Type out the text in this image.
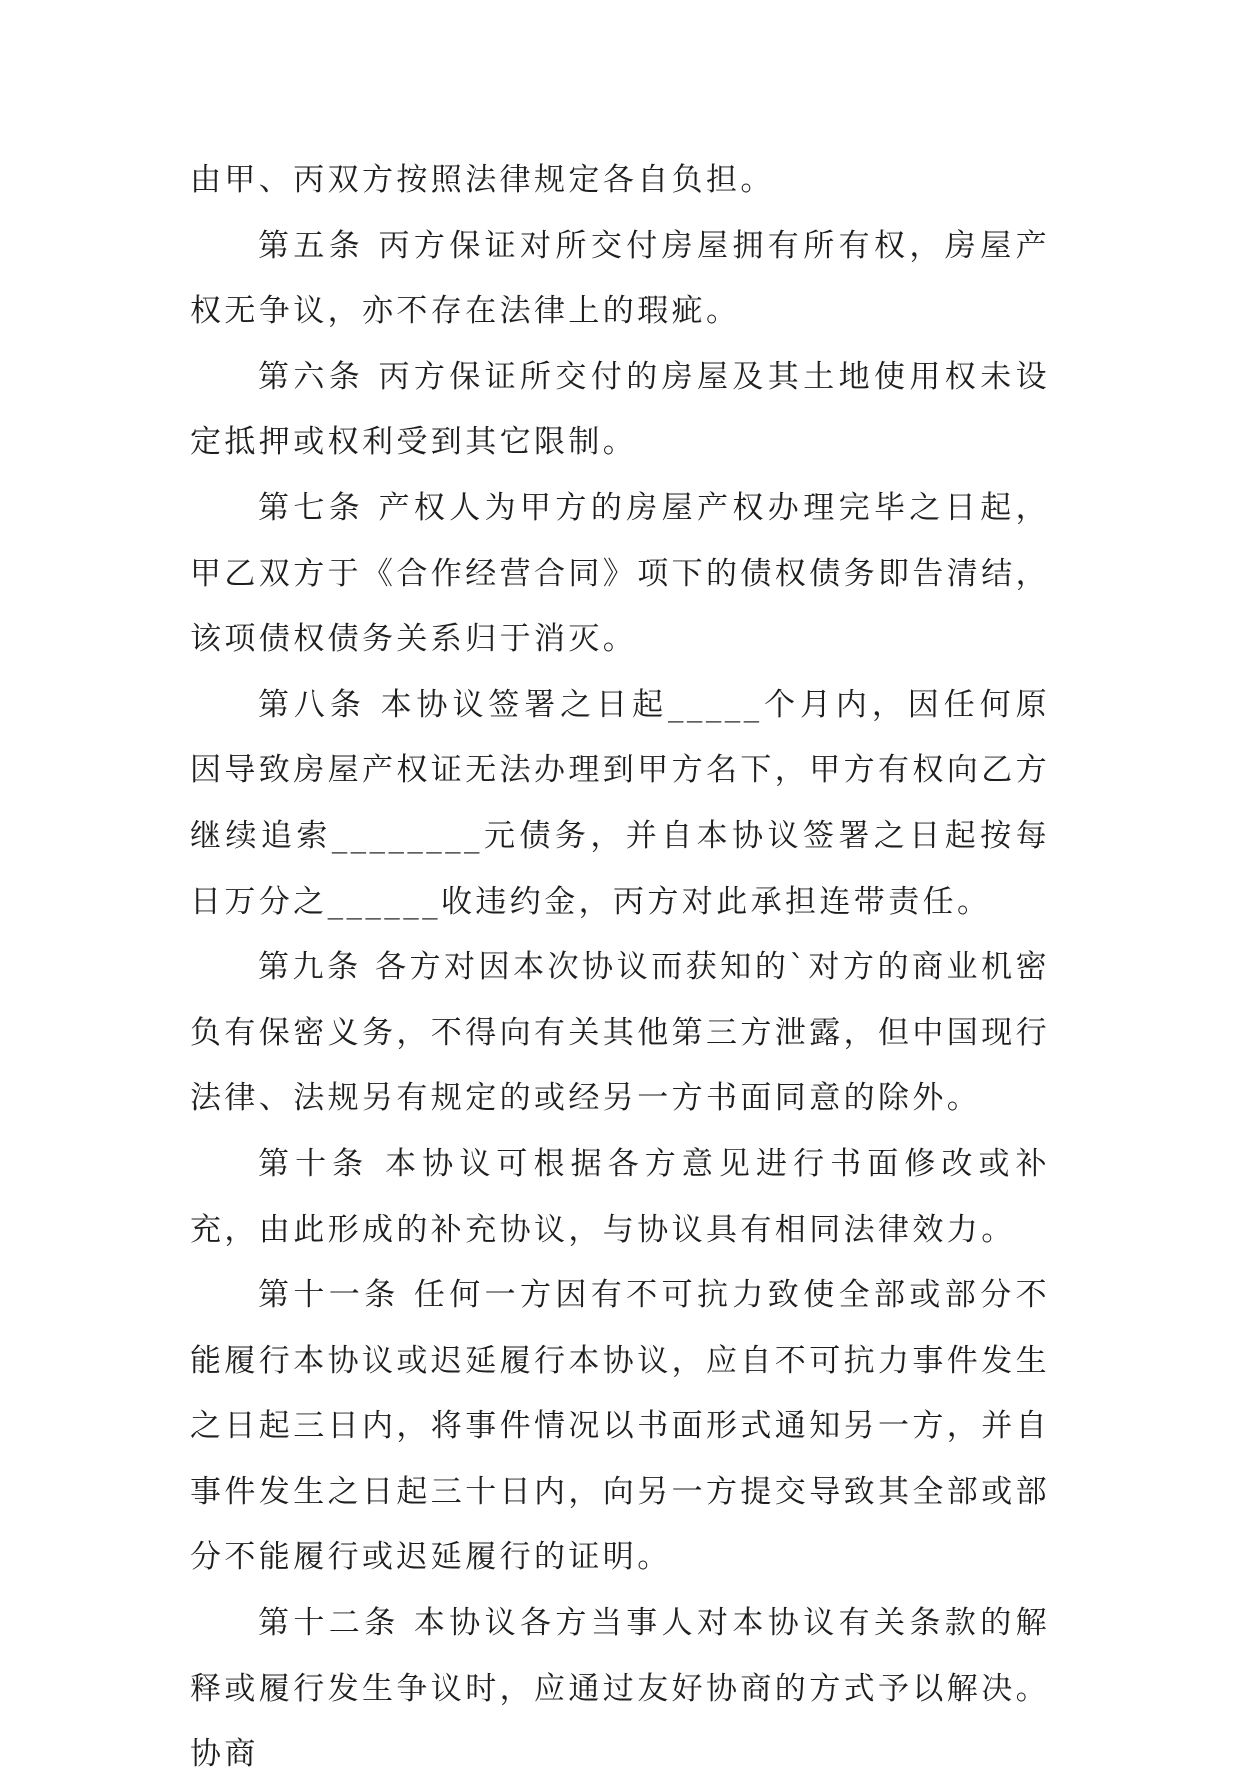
由甲、丙双方按照法律规定各自负担。

第五条 丙方保证对所交付房屋拥有所有权，房屋产权无争议，亦不存在法律上的瑕疵。

第六条 丙方保证所交付的房屋及其土地使用权未设定抵押或权利受到其它限制。

第七条 产权人为甲方的房屋产权办理完毕之日起，甲乙双方于《合作经营合同》项下的债权债务即告清结，该项债权债务关系归于消灭。

第八条 本协议签署之日起_____个月内，因任何原因导致房屋产权证无法办理到甲方名下，甲方有权向乙方继续追索________元债务，并自本协议签署之日起按每日万分之______收违约金，丙方对此承担连带责任。

第九条 各方对因本次协议而获知的`对方的商业机密负有保密义务，不得向有关其他第三方泄露，但中国现行法律、法规另有规定的或经另一方书面同意的除外。

第十条 本协议可根据各方意见进行书面修改或补充，由此形成的补充协议，与协议具有相同法律效力。

第十一条 任何一方因有不可抗力致使全部或部分不能履行本协议或迟延履行本协议，应自不可抗力事件发生之日起三日内，将事件情况以书面形式通知另一方，并自事件发生之日起三十日内，向另一方提交导致其全部或部分不能履行或迟延履行的证明。

第十二条 本协议各方当事人对本协议有关条款的解释或履行发生争议时，应通过友好协商的方式予以解决。协商
